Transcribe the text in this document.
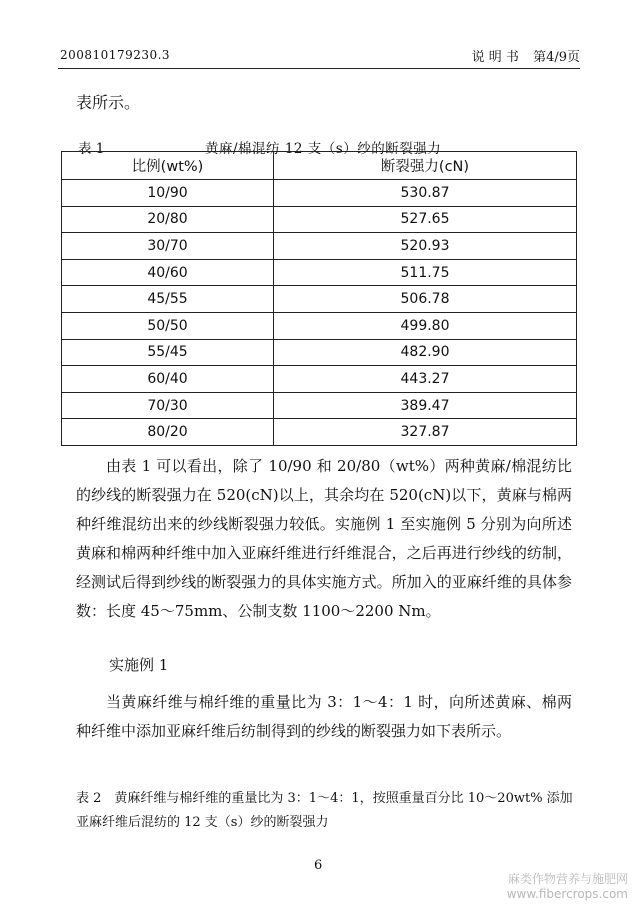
200810179230.3	说 明 书 第4/9页
表所示。
表 1	黄麻/棉混纺 12 支（s）纱的断裂强力
比例(wt%)	断裂强力(cN)
10/90	530.87
20/80	527.65
30/70	520.93
40/60	511.75
45/55	506.78
50/50	499.80
55/45	482.90
60/40	443.27
70/30	389.47
80/20	327.87

由表 1 可以看出，除了 10/90 和 20/80（wt%）两种黄麻/棉混纺比的纱线的断裂强力在 520(cN)以上，其余均在 520(cN)以下，黄麻与棉两种纤维混纺出来的纱线断裂强力较低。实施例 1 至实施例 5 分别为向所述黄麻和棉两种纤维中加入亚麻纤维进行纤维混合，之后再进行纱线的纺制，经测试后得到纱线的断裂强力的具体实施方式。所加入的亚麻纤维的具体参数：长度 45～75mm、公制支数 1100～2200 Nm。

实施例 1

当黄麻纤维与棉纤维的重量比为 3：1～4：1 时，向所述黄麻、棉两种纤维中添加亚麻纤维后纺制得到的纱线的断裂强力如下表所示。

表 2　黄麻纤维与棉纤维的重量比为 3：1～4：1，按照重量百分比 10～20wt% 添加亚麻纤维后混纺的 12 支（s）纱的断裂强力
6
麻类作物营养与施肥网
www.fibercrops.com
